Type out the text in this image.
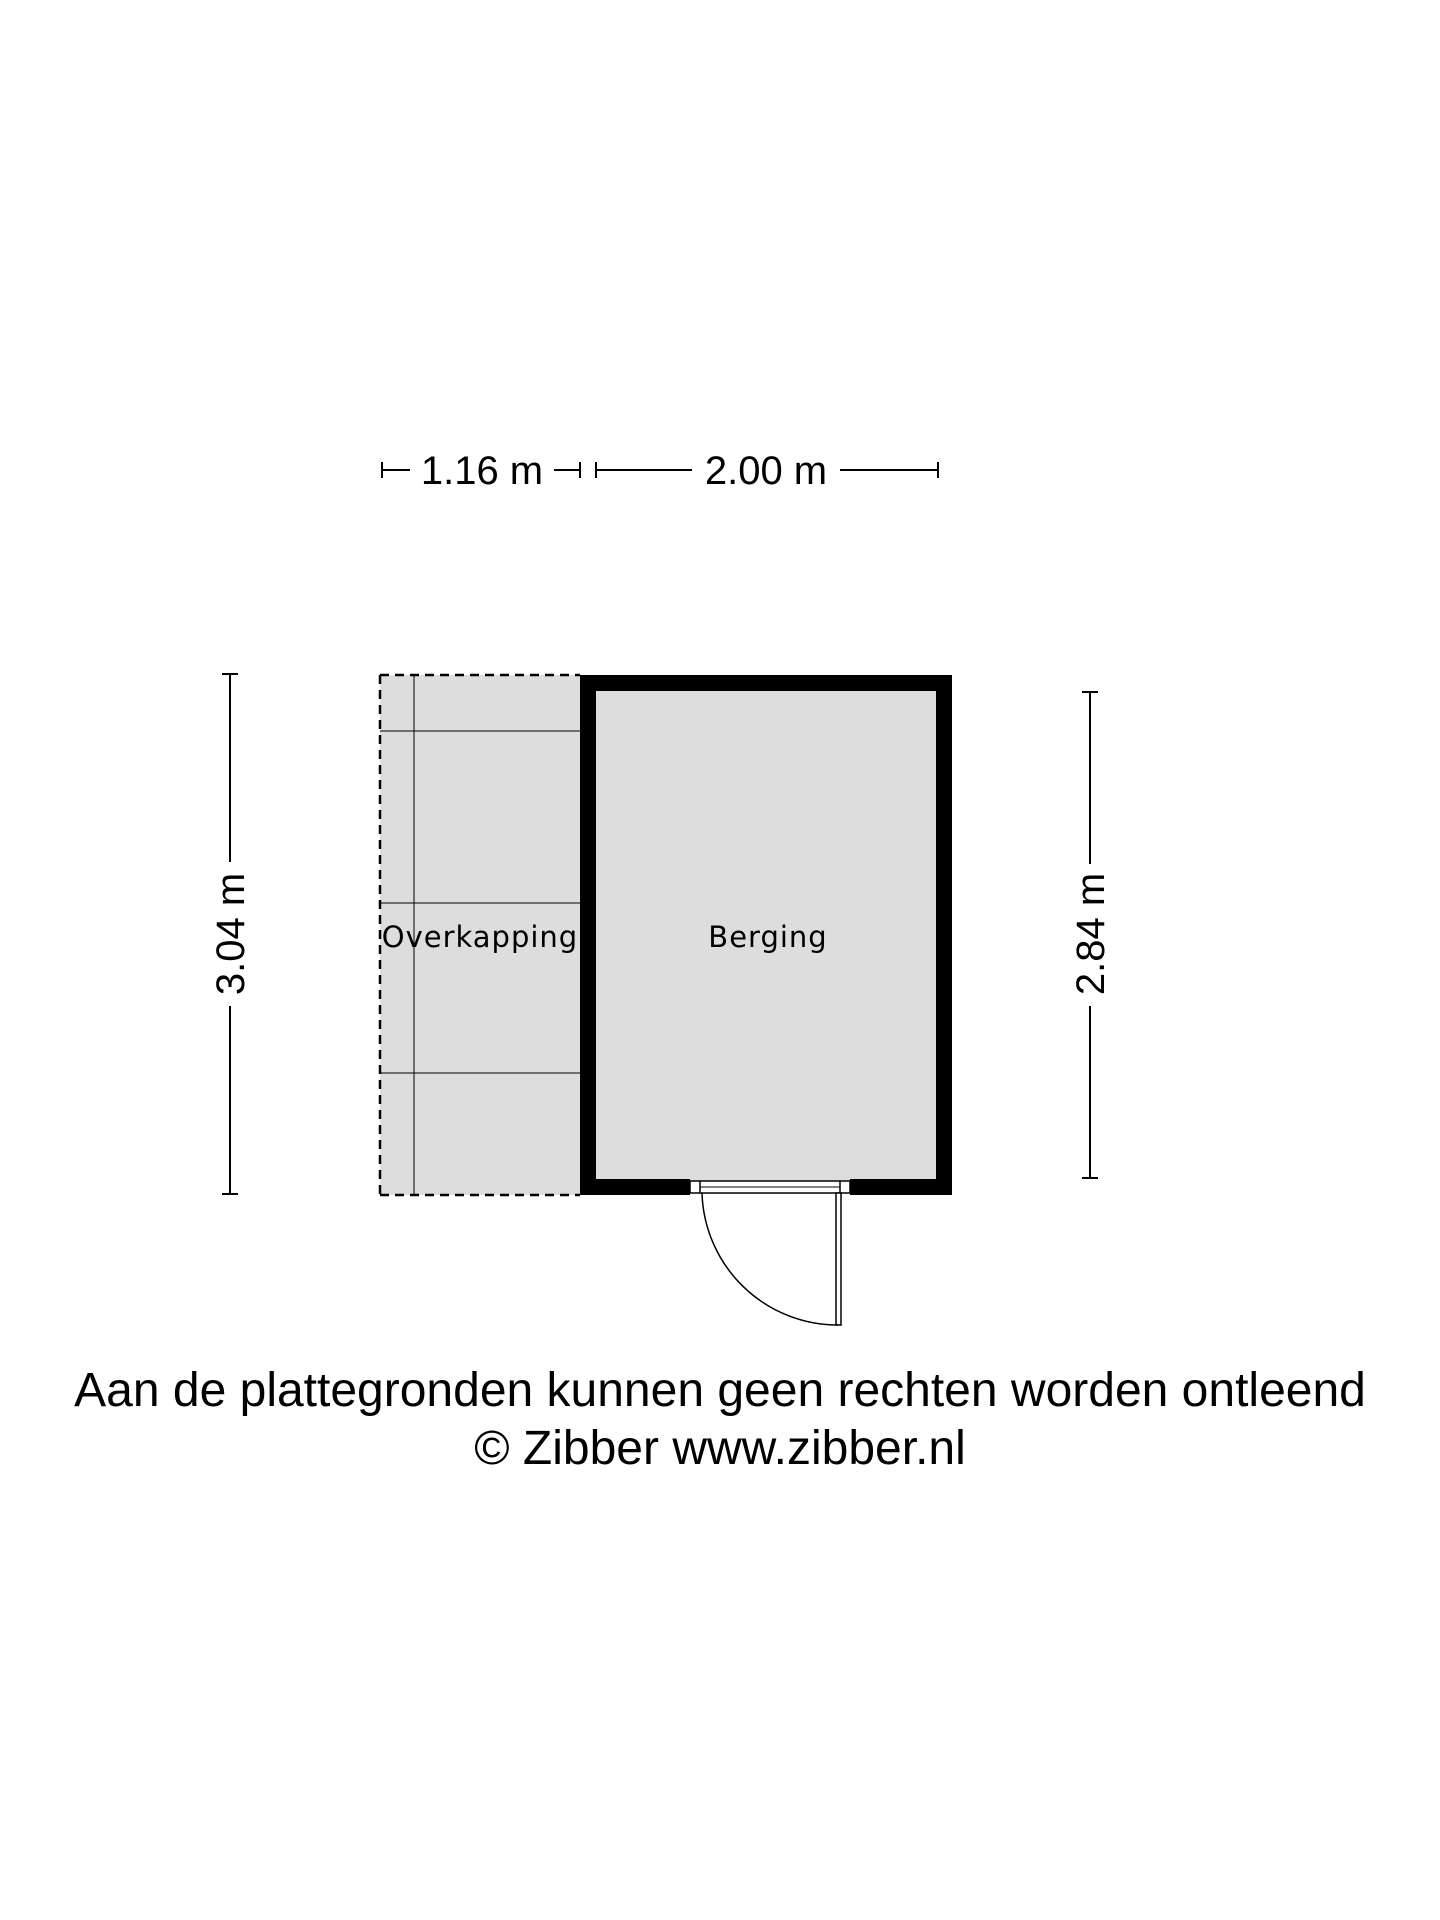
1.16 m	2.00 m
3.04 m	2.84 m
Overkapping	Berging
Aan de plattegronden kunnen geen rechten worden ontleend
© Zibber www.zibber.nl
